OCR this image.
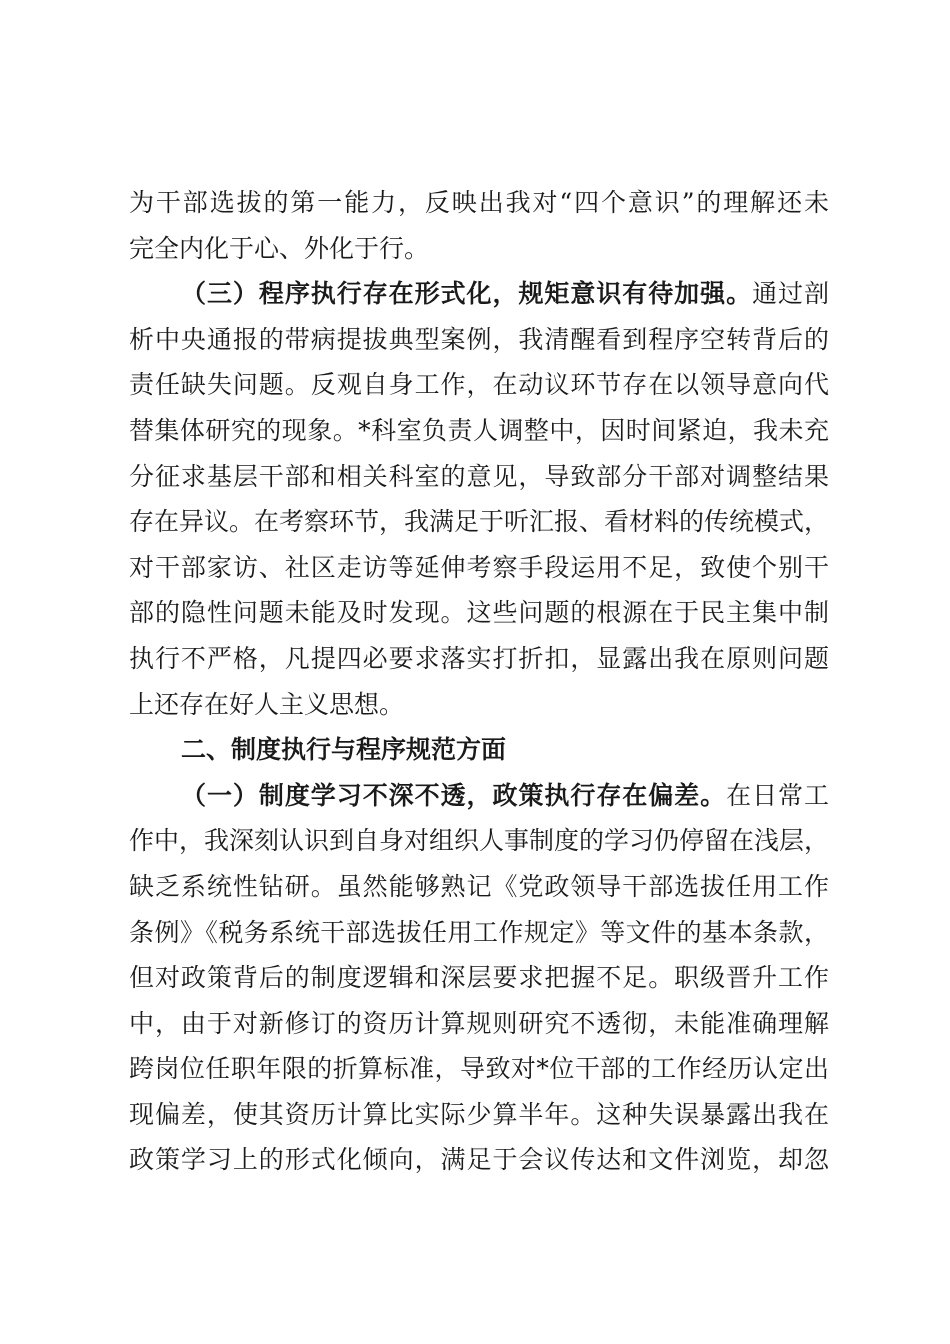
为干部选拔的第一能力，反映出我对“四个意识”的理解还未
完全内化于心、外化于行。
（三）程序执行存在形式化，规矩意识有待加强。通过剖
析中央通报的带病提拔典型案例，我清醒看到程序空转背后的
责任缺失问题。反观自身工作，在动议环节存在以领导意向代
替集体研究的现象。*科室负责人调整中，因时间紧迫，我未充
分征求基层干部和相关科室的意见，导致部分干部对调整结果
存在异议。在考察环节，我满足于听汇报、看材料的传统模式，
对干部家访、社区走访等延伸考察手段运用不足，致使个别干
部的隐性问题未能及时发现。这些问题的根源在于民主集中制
执行不严格，凡提四必要求落实打折扣，显露出我在原则问题
上还存在好人主义思想。
二、制度执行与程序规范方面
（一）制度学习不深不透，政策执行存在偏差。在日常工
作中，我深刻认识到自身对组织人事制度的学习仍停留在浅层，
缺乏系统性钻研。虽然能够熟记《党政领导干部选拔任用工作
条例》《税务系统干部选拔任用工作规定》等文件的基本条款，
但对政策背后的制度逻辑和深层要求把握不足。职级晋升工作
中，由于对新修订的资历计算规则研究不透彻，未能准确理解
跨岗位任职年限的折算标准，导致对*位干部的工作经历认定出
现偏差，使其资历计算比实际少算半年。这种失误暴露出我在
政策学习上的形式化倾向，满足于会议传达和文件浏览，却忽
